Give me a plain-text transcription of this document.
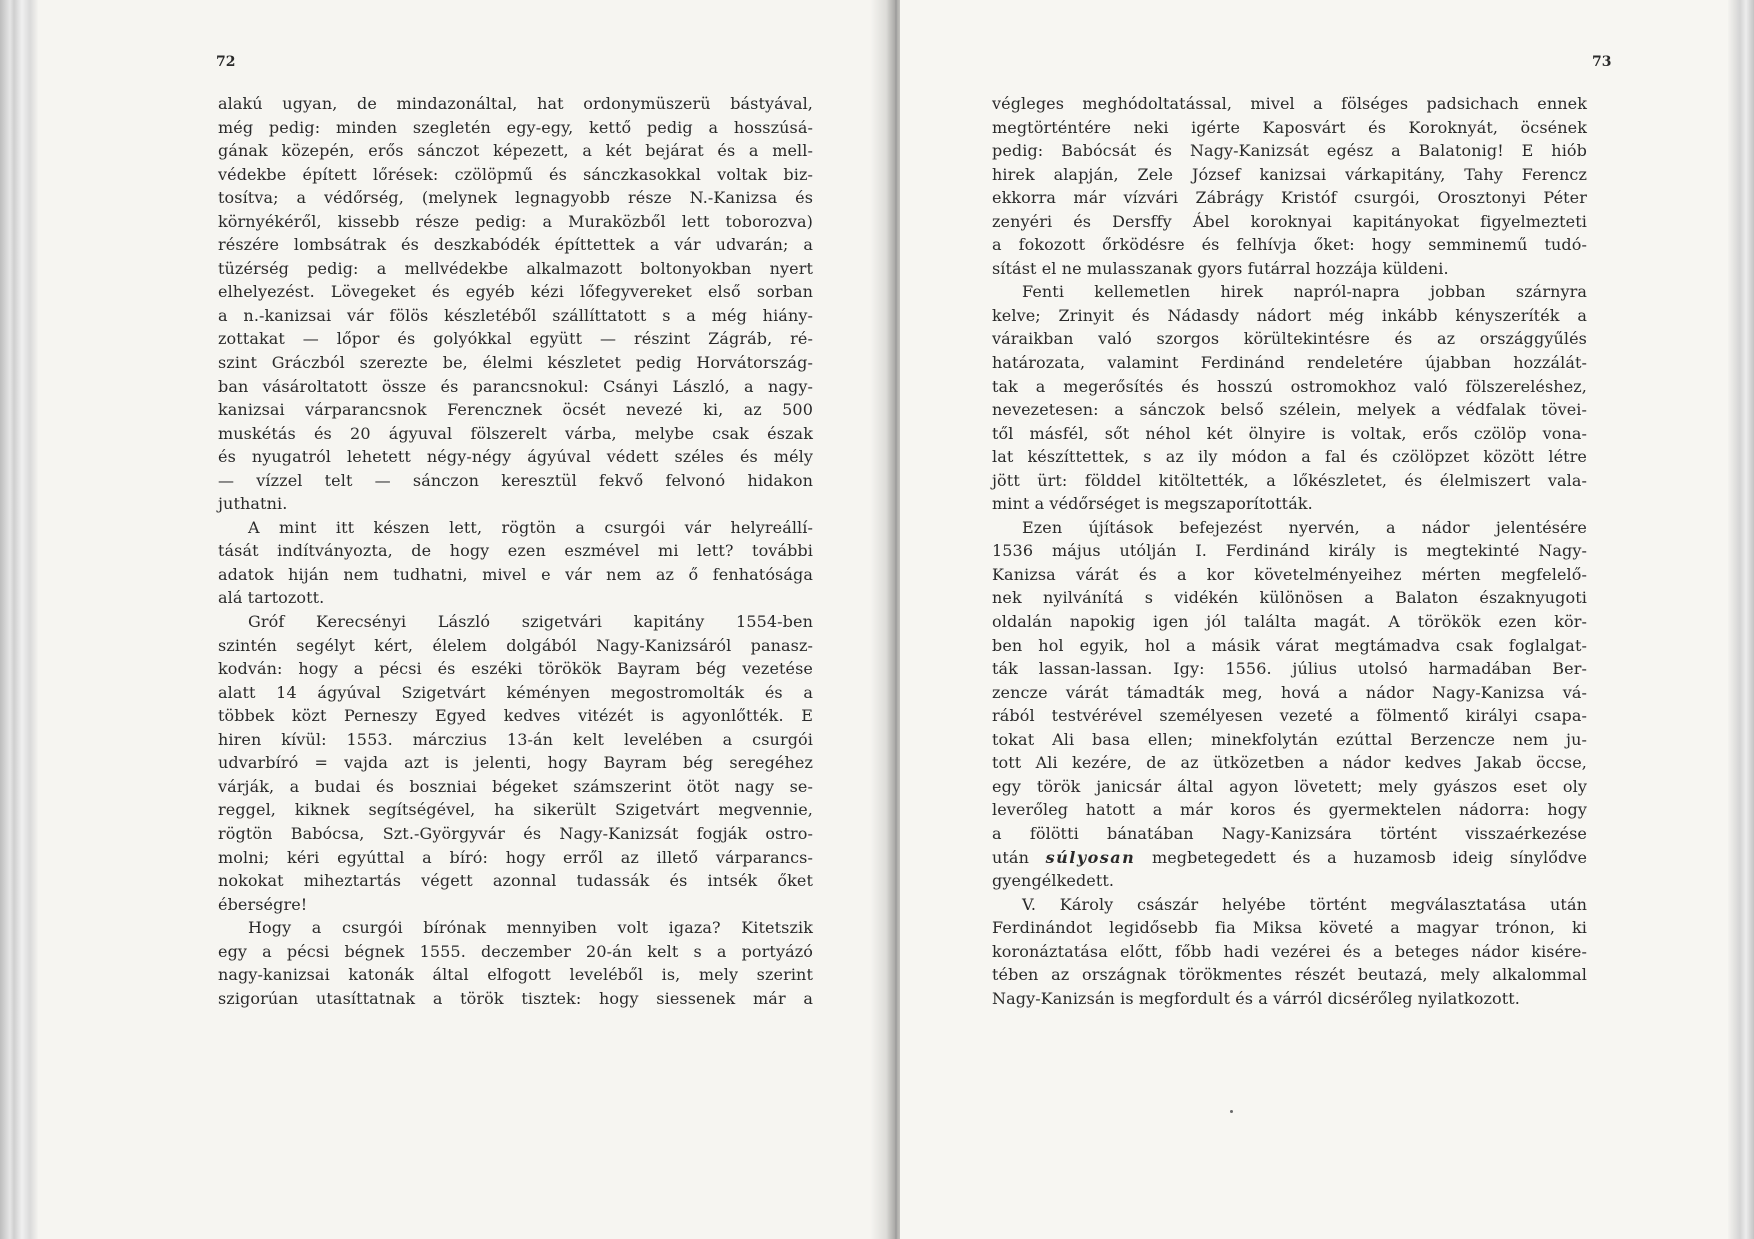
72
alakú ugyan, de mindazonáltal, hat ordonymüszerü bástyával,
még pedig: minden szegletén egy-egy, kettő pedig a hosszúsá-
gának közepén, erős sánczot képezett, a két bejárat és a mell-
védekbe épített lőrések: czölöpmű és sánczkasokkal voltak biz-
tosítva; a védőrség, (melynek legnagyobb része N.-Kanizsa és
környékéről, kissebb része pedig: a Muraközből lett toborozva)
részére lombsátrak és deszkabódék építtettek a vár udvarán; a
tüzérség pedig: a mellvédekbe alkalmazott boltonyokban nyert
elhelyezést. Lövegeket és egyéb kézi lőfegyvereket első sorban
a n.-kanizsai vár fölös készletéből szállíttatott s a még hiány-
zottakat — lőpor és golyókkal együtt — részint Zágráb, ré-
szint Gráczból szerezte be, élelmi készletet pedig Horvátország-
ban vásároltatott össze és parancsnokul: Csányi László, a nagy-
kanizsai várparancsnok Ferencznek öcsét nevezé ki, az 500
muskétás és 20 ágyuval fölszerelt várba, melybe csak észak
és nyugatról lehetett négy-négy ágyúval védett széles és mély
— vízzel telt — sánczon keresztül fekvő felvonó hidakon
juthatni.
A mint itt készen lett, rögtön a csurgói vár helyreállí-
tását indítványozta, de hogy ezen eszmével mi lett? további
adatok hiján nem tudhatni, mivel e vár nem az ő fenhatósága
alá tartozott.
Gróf Kerecsényi László szigetvári kapitány 1554-ben
szintén segélyt kért, élelem dolgából Nagy-Kanizsáról panasz-
kodván: hogy a pécsi és eszéki törökök Bayram bég vezetése
alatt 14 ágyúval Szigetvárt kéményen megostromolták és a
többek közt Perneszy Egyed kedves vitézét is agyonlőtték. E
hiren kívül: 1553. márczius 13-án kelt levelében a csurgói
udvarbíró = vajda azt is jelenti, hogy Bayram bég seregéhez
várják, a budai és boszniai bégeket számszerint ötöt nagy se-
reggel, kiknek segítségével, ha sikerült Szigetvárt megvennie,
rögtön Babócsa, Szt.-Györgyvár és Nagy-Kanizsát fogják ostro-
molni; kéri egyúttal a bíró: hogy erről az illető várparancs-
nokokat miheztartás végett azonnal tudassák és intsék őket
éberségre!
Hogy a csurgói bírónak mennyiben volt igaza? Kitetszik
egy a pécsi bégnek 1555. deczember 20-án kelt s a portyázó
nagy-kanizsai katonák által elfogott leveléből is, mely szerint
szigorúan utasíttatnak a török tisztek: hogy siessenek már a
73
végleges meghódoltatással, mivel a fölséges padsichach ennek
megtörténtére neki igérte Kaposvárt és Koroknyát, öcsének
pedig: Babócsát és Nagy-Kanizsát egész a Balatonig! E hiób
hirek alapján, Zele József kanizsai várkapitány, Tahy Ferencz
ekkorra már vízvári Zábrágy Kristóf csurgói, Orosztonyi Péter
zenyéri és Dersffy Ábel koroknyai kapitányokat figyelmezteti
a fokozott őrködésre és felhívja őket: hogy semminemű tudó-
sítást el ne mulasszanak gyors futárral hozzája küldeni.
Fenti kellemetlen hirek napról-napra jobban szárnyra
kelve; Zrinyit és Nádasdy nádort még inkább kényszeríték a
váraikban való szorgos körültekintésre és az országgyűlés
határozata, valamint Ferdinánd rendeletére újabban hozzálát-
tak a megerősítés és hosszú ostromokhoz való fölszereléshez,
nevezetesen: a sánczok belső szélein, melyek a védfalak tövei-
től másfél, sőt néhol két ölnyire is voltak, erős czölöp vona-
lat készíttettek, s az ily módon a fal és czölöpzet között létre
jött ürt: földdel kitöltették, a lőkészletet, és élelmiszert vala-
mint a védőrséget is megszaporították.
Ezen újítások befejezést nyervén, a nádor jelentésére
1536 május utólján I. Ferdinánd király is megtekinté Nagy-
Kanizsa várát és a kor követelményeihez mérten megfelelő-
nek nyilvánítá s vidékén különösen a Balaton északnyugoti
oldalán napokig igen jól találta magát. A törökök ezen kör-
ben hol egyik, hol a másik várat megtámadva csak foglalgat-
ták lassan-lassan. Igy: 1556. július utolsó harmadában Ber-
zencze várát támadták meg, hová a nádor Nagy-Kanizsa vá-
rából testvérével személyesen vezeté a fölmentő királyi csapa-
tokat Ali basa ellen; minekfolytán ezúttal Berzencze nem ju-
tott Ali kezére, de az ütközetben a nádor kedves Jakab öccse,
egy török janicsár által agyon lövetett; mely gyászos eset oly
leverőleg hatott a már koros és gyermektelen nádorra: hogy
a fölötti bánatában Nagy-Kanizsára történt visszaérkezése
után súlyosan megbetegedett és a huzamosb ideig sínylődve
gyengélkedett.
V. Károly császár helyébe történt megválasztatása után
Ferdinándot legidősebb fia Miksa követé a magyar trónon, ki
koronáztatása előtt, főbb hadi vezérei és a beteges nádor kisére-
tében az országnak törökmentes részét beutazá, mely alkalommal
Nagy-Kanizsán is megfordult és a várról dicsérőleg nyilatkozott.
